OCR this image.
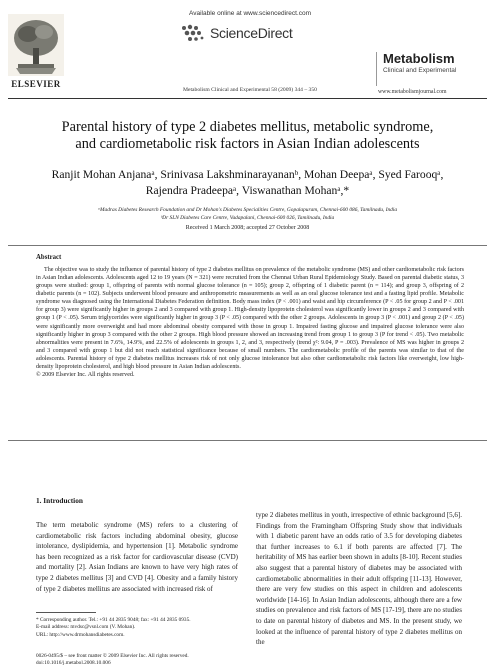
ELSEVIER
Available online at www.sciencedirect.com
ScienceDirect
Metabolism Clinical and Experimental 58 (2009) 344 – 350
Metabolism
Clinical and Experimental
www.metabolismjournal.com
Parental history of type 2 diabetes mellitus, metabolic syndrome,
and cardiometabolic risk factors in Asian Indian adolescents
Ranjit Mohan Anjanaᵃ, Srinivasa Lakshminarayananᵇ, Mohan Deepaᵃ, Syed Farooqᵃ,
Rajendra Pradeepaᵃ, Viswanathan Mohanᵃ,*
ᵃMadras Diabetes Research Foundation and Dr Mohan's Diabetes Specialities Centre, Gopalapuram, Chennai-600 086, Tamilnadu, India
ᵇDr SLN Diabetes Care Centre, Vadapalani, Chennai-600 026, Tamilnadu, India
Received 1 March 2008; accepted 27 October 2008
Abstract

The objective was to study the influence of parental history of type 2 diabetes mellitus on prevalence of the metabolic syndrome (MS) and other cardiometabolic risk factors in Asian Indian adolescents. Adolescents aged 12 to 19 years (N = 321) were recruited from the Chennai Urban Rural Epidemiology Study. Based on parental diabetic status, 3 groups were studied: group 1, offspring of parents with normal glucose tolerance (n = 105); group 2, offspring of 1 diabetic parent (n = 114); and group 3, offspring of 2 diabetic parents (n = 102). Subjects underwent blood pressure and anthropometric measurements as well as an oral glucose tolerance test and a fasting lipid profile. Metabolic syndrome was diagnosed using the International Diabetes Federation definition. Body mass index (P < .001) and waist and hip circumference (P < .05 for group 2 and P < .001 for group 3) were significantly higher in groups 2 and 3 compared with group 1. High-density lipoprotein cholesterol was significantly lower in groups 2 and 3 compared with group 1 (P < .05). Serum triglycerides were significantly higher in group 3 (P < .05) compared with the other 2 groups. Adolescents in group 3 (P < .001) and group 2 (P < .05) were significantly more overweight and had more abdominal obesity compared with those in group 1. Impaired fasting glucose and impaired glucose tolerance were also significantly higher in group 3 compared with the other 2 groups. High blood pressure showed an increasing trend from group 1 to group 3 (P for trend < .05). Two metabolic abnormalities were present in 7.6%, 14.9%, and 22.5% of adolescents in groups 1, 2, and 3, respectively (trend χ²: 9.04, P = .003). Prevalence of MS was higher in groups 2 and 3 compared with group 1 but did not reach statistical significance because of small numbers. The cardiometabolic profile of the parents was similar to that of the adolescents. Parental history of type 2 diabetes mellitus increases risk of not only glucose intolerance but also other cardiometabolic risk factors like overweight, low high-density lipoprotein cholesterol, and high blood pressure in Asian Indian adolescents.

© 2009 Elsevier Inc. All rights reserved.
1. Introduction
The term metabolic syndrome (MS) refers to a clustering of cardiometabolic risk factors including abdominal obesity, glucose intolerance, dyslipidemia, and hypertension [1]. Metabolic syndrome has been recognized as a risk factor for cardiovascular disease (CVD) and mortality [2]. Asian Indians are known to have very high rates of type 2 diabetes mellitus [3] and CVD [4]. Obesity and a family history of type 2 diabetes mellitus are associated with increased risk of
type 2 diabetes mellitus in youth, irrespective of ethnic background [5,6]. Findings from the Framingham Offspring Study show that individuals with 1 diabetic parent have an odds ratio of 3.5 for developing diabetes that further increases to 6.1 if both parents are affected [7]. The heritability of MS has earlier been shown in adults [8-10]. Recent studies also suggest that a parental history of diabetes may be associated with cardiometabolic abnormalities in their adult offspring [11-13]. However, there are very few studies on this aspect in children and adolescents worldwide [14-16]. In Asian Indian adolescents, although there are a few studies on prevalence and risk factors of MS [17-19], there are no studies to date on parental history of diabetes and MS. In the present study, we looked at the influence of parental history of type 2 diabetes mellitus on the
* Corresponding author. Tel.: +91 44 2835 9048; fax: +91 44 2835 0935.
E-mail address: mvdsc@vsnl.com (V. Mohan).
URL: http://www.drmohansdiabetes.com.
0026-0495/$ – see front matter © 2009 Elsevier Inc. All rights reserved.
doi:10.1016/j.metabol.2008.10.006
